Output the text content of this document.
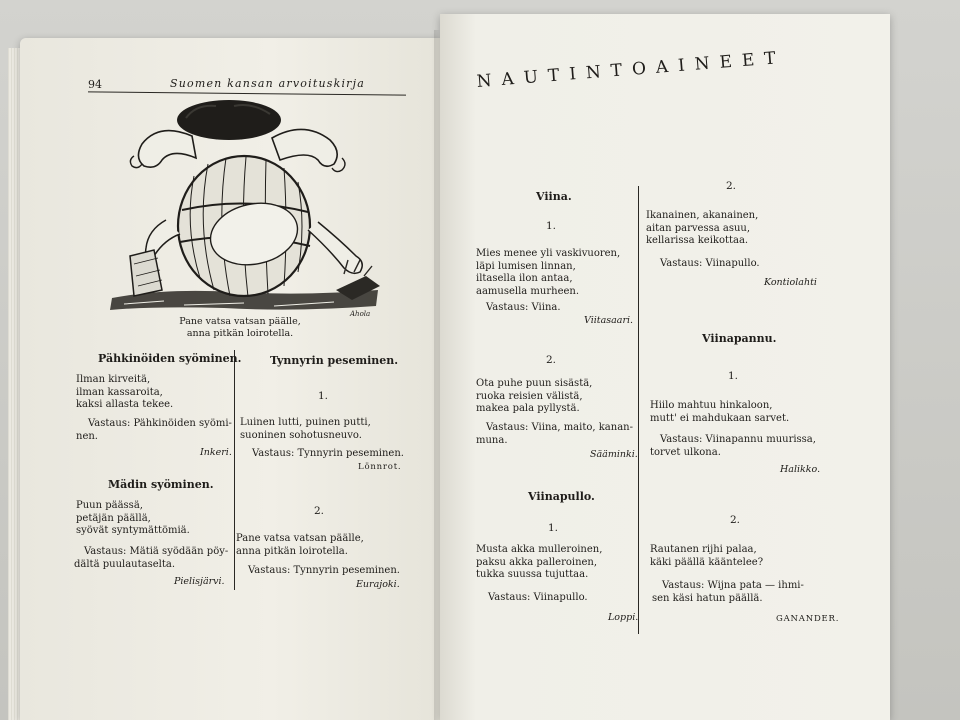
94	Suomen kansan arvoituskirja
Ahola
Pane vatsa vatsan päälle,
anna pitkän loirotella.
Pähkinöiden syöminen.
Ilman kirveitä,
ilman kassaroita,
kaksi allasta tekee.
Vastaus: Pähkinöiden syömi-
nen.
Inkeri.
Mädin syöminen.
Puun päässä,
petäjän päällä,
syövät syntymättömiä.
Vastaus: Mätiä syödään pöy-
dältä puulautaselta.
Pielisjärvi.
Tynnyrin peseminen.
1.
Luinen lutti, puinen putti,
suoninen sohotusneuvo.
Vastaus: Tynnyrin peseminen.
Lönnrot.
2.
Pane vatsa vatsan päälle,
anna pitkän loirotella.
Vastaus: Tynnyrin peseminen.
Eurajoki.
NAUTINTOAINEET
Viina.
1.
Mies menee yli vaskivuoren,
läpi lumisen linnan,
iltasella ilon antaa,
aamusella murheen.
Vastaus: Viina.
Viitasaari.
2.
Ota puhe puun sisästä,
ruoka reisien välistä,
makea pala pyllystä.
Vastaus: Viina, maito, kanan-
muna.
Sääminki.
Viinapullo.
1.
Musta akka mulleroinen,
paksu akka palleroinen,
tukka suussa tujuttaa.
Vastaus: Viinapullo.
Loppi.
2.
Ikanainen, akanainen,
aitan parvessa asuu,
kellarissa keikottaa.
Vastaus: Viinapullo.
Kontiolahti
Viinapannu.
1.
Hiilo mahtuu hinkaloon,
mutt' ei mahdukaan sarvet.
Vastaus: Viinapannu muurissa,
torvet ulkona.
Halikko.
2.
Rautanen rijhi palaa,
käki päällä kääntelee?
Vastaus: Wijna pata — ihmi-
sen käsi hatun päällä.
GANANDER.
